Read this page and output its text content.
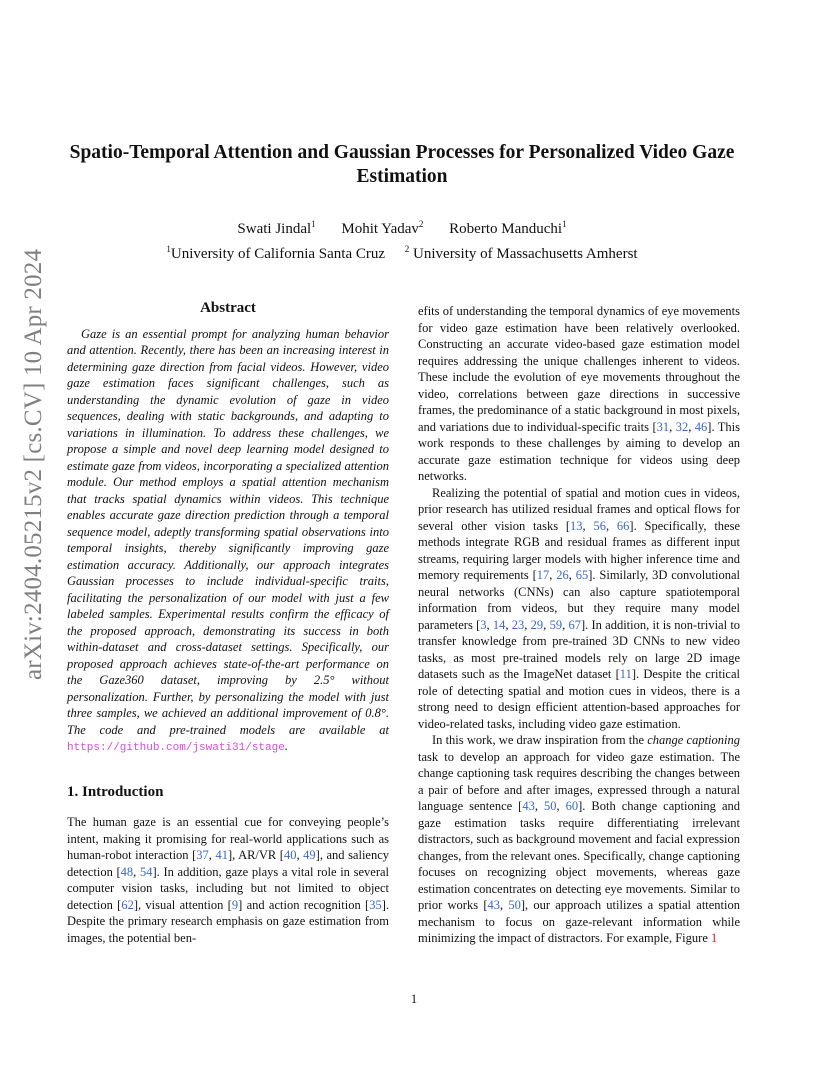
arXiv:2404.05215v2 [cs.CV] 10 Apr 2024
Spatio-Temporal Attention and Gaussian Processes for Personalized Video Gaze Estimation
Swati Jindal$^1$ Mohit Yadav$^2$ Roberto Manduchi$^1$
$^1$University of California Santa Cruz $^2$ University of Massachusetts Amherst
Abstract

Gaze is an essential prompt for analyzing human behavior and attention. Recently, there has been an increasing interest in determining gaze direction from facial videos. However, video gaze estimation faces significant challenges, such as understanding the dynamic evolution of gaze in video sequences, dealing with static backgrounds, and adapting to variations in illumination. To address these challenges, we propose a simple and novel deep learning model designed to estimate gaze from videos, incorporating a specialized attention module. Our method employs a spatial attention mechanism that tracks spatial dynamics within videos. This technique enables accurate gaze direction prediction through a temporal sequence model, adeptly transforming spatial observations into temporal insights, thereby significantly improving gaze estimation accuracy. Additionally, our approach integrates Gaussian processes to include individual-specific traits, facilitating the personalization of our model with just a few labeled samples. Experimental results confirm the efficacy of the proposed approach, demonstrating its success in both within-dataset and cross-dataset settings. Specifically, our proposed approach achieves state-of-the-art performance on the Gaze360 dataset, improving by 2.5° without personalization. Further, by personalizing the model with just three samples, we achieved an additional improvement of 0.8°. The code and pre-trained models are available at https://github.com/jswati31/stage.

1. Introduction

The human gaze is an essential cue for conveying people’s intent, making it promising for real-world applications such as human-robot interaction [37, 41], AR/VR [40, 49], and saliency detection [48, 54]. In addition, gaze plays a vital role in several computer vision tasks, including but not limited to object detection [62], visual attention [9] and action recognition [35]. Despite the primary research emphasis on gaze estimation from images, the potential ben-

efits of understanding the temporal dynamics of eye movements for video gaze estimation have been relatively overlooked. Constructing an accurate video-based gaze estimation model requires addressing the unique challenges inherent to videos. These include the evolution of eye movements throughout the video, correlations between gaze directions in successive frames, the predominance of a static background in most pixels, and variations due to individual-specific traits [31, 32, 46]. This work responds to these challenges by aiming to develop an accurate gaze estimation technique for videos using deep networks.

Realizing the potential of spatial and motion cues in videos, prior research has utilized residual frames and optical flows for several other vision tasks [13, 56, 66]. Specifically, these methods integrate RGB and residual frames as different input streams, requiring larger models with higher inference time and memory requirements [17, 26, 65]. Similarly, 3D convolutional neural networks (CNNs) can also capture spatiotemporal information from videos, but they require many model parameters [3, 14, 23, 29, 59, 67]. In addition, it is non-trivial to transfer knowledge from pre-trained 3D CNNs to new video tasks, as most pre-trained models rely on large 2D image datasets such as the ImageNet dataset [11]. Despite the critical role of detecting spatial and motion cues in videos, there is a strong need to design efficient attention-based approaches for video-related tasks, including video gaze estimation.

In this work, we draw inspiration from the change captioning task to develop an approach for video gaze estimation. The change captioning task requires describing the changes between a pair of before and after images, expressed through a natural language sentence [43, 50, 60]. Both change captioning and gaze estimation tasks require differentiating irrelevant distractors, such as background movement and facial expression changes, from the relevant ones. Specifically, change captioning focuses on recognizing object movements, whereas gaze estimation concentrates on detecting eye movements. Similar to prior works [43, 50], our approach utilizes a spatial attention mechanism to focus on gaze-relevant information while minimizing the impact of distractors. For example, Figure 1

1
